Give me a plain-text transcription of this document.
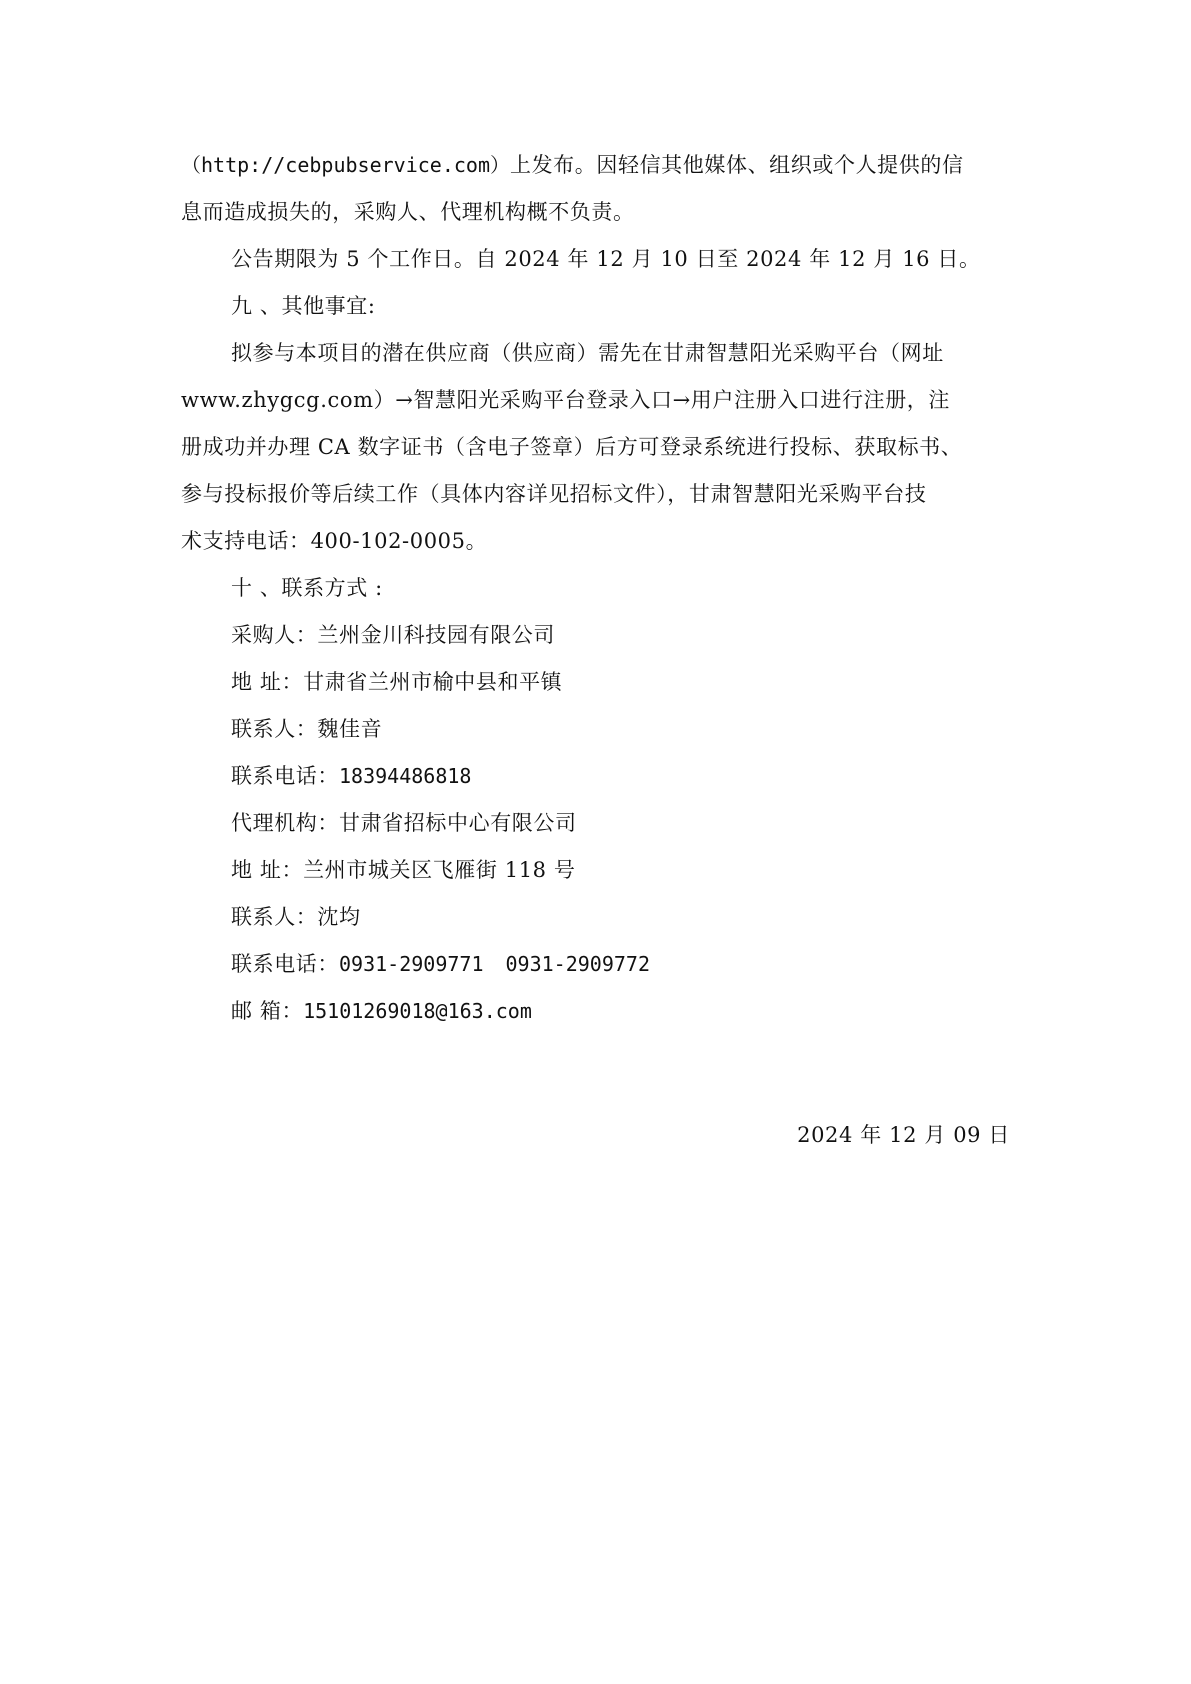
（http://cebpubservice.com）上发布。因轻信其他媒体、组织或个人提供的信
息而造成损失的，采购人、代理机构概不负责。
公告期限为 5 个工作日。自 2024 年 12 月 10 日至 2024 年 12 月 16 日。
九 、其他事宜:
拟参与本项目的潜在供应商（供应商）需先在甘肃智慧阳光采购平台（网址
www.zhygcg.com）→智慧阳光采购平台登录入口→用户注册入口进行注册，注
册成功并办理 CA 数字证书（含电子签章）后方可登录系统进行投标、获取标书、
参与投标报价等后续工作（具体内容详见招标文件），甘肃智慧阳光采购平台技
术支持电话：400-102-0005。
十 、联系方式 :
采购人：兰州金川科技园有限公司
地 址：甘肃省兰州市榆中县和平镇
联系人：魏佳音
联系电话：18394486818
代理机构：甘肃省招标中心有限公司
地 址：兰州市城关区飞雁街 118 号
联系人：沈均
联系电话：0931-2909771 0931-2909772
邮 箱：15101269018@163.com
2024 年 12 月 09 日
